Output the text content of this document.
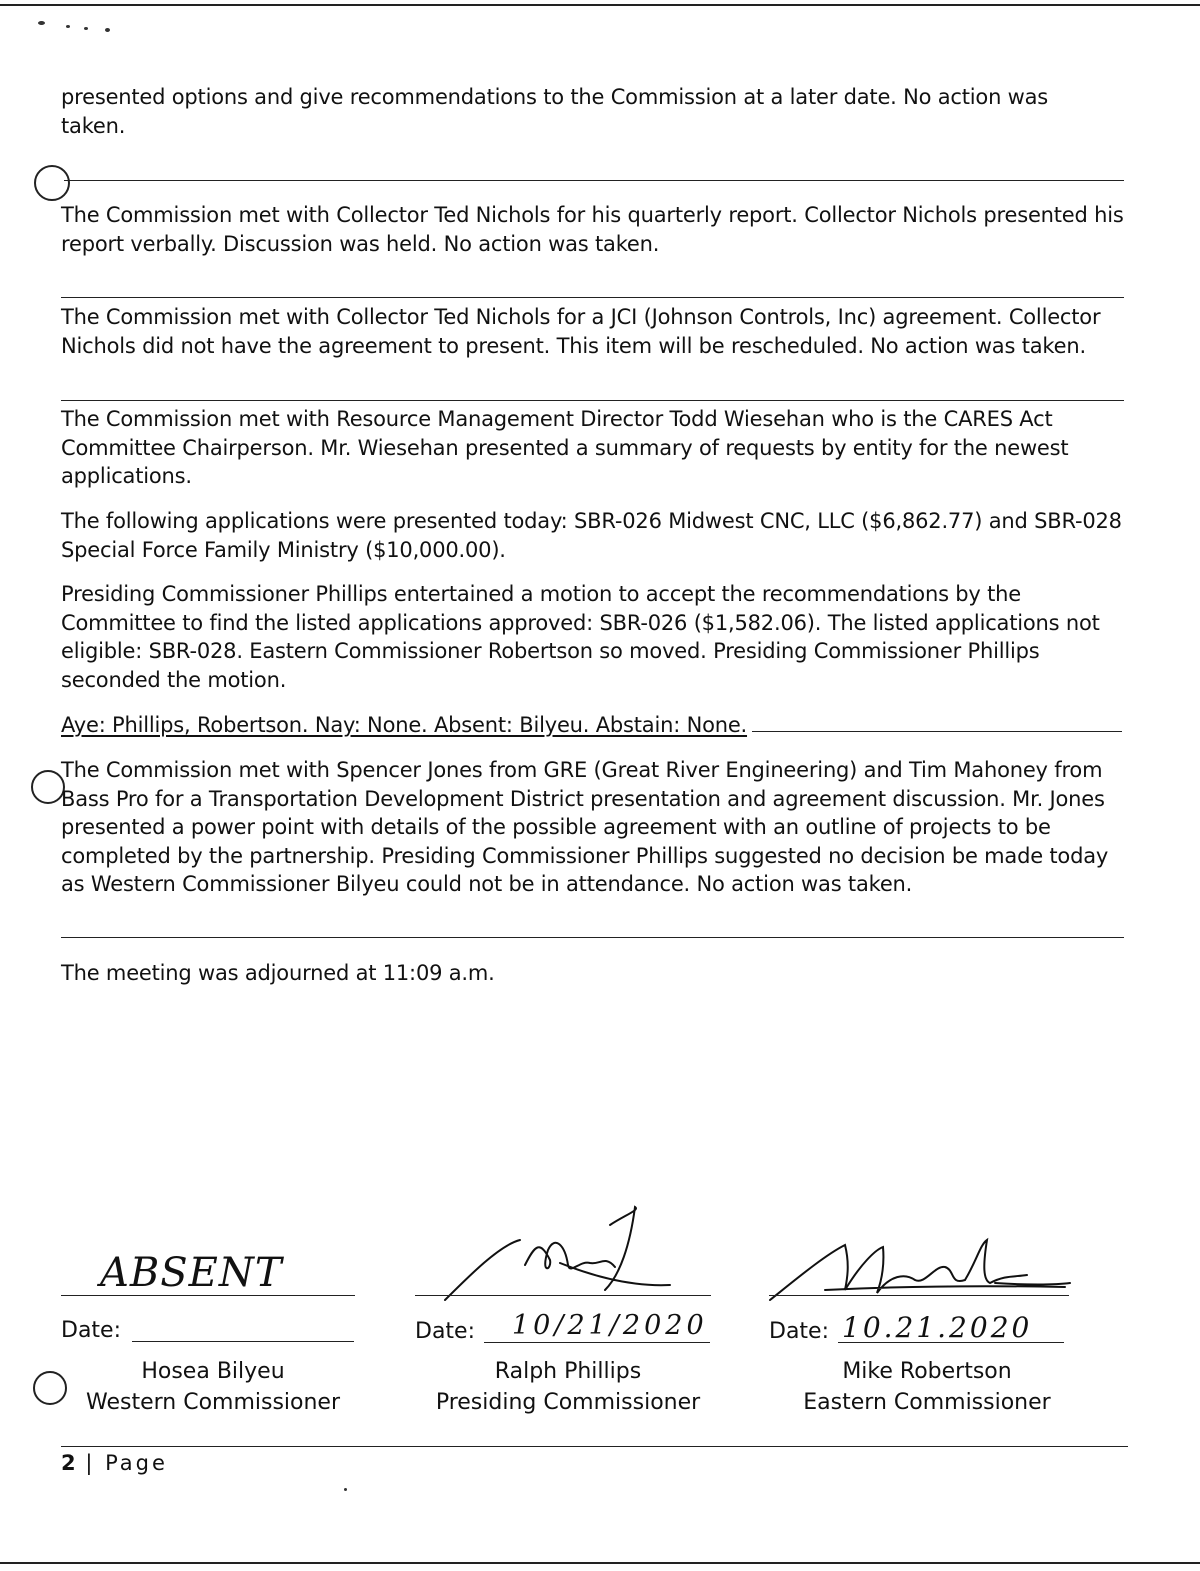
presented options and give recommendations to the Commission at a later date. No action was taken.

The Commission met with Collector Ted Nichols for his quarterly report. Collector Nichols presented his report verbally. Discussion was held. No action was taken.

The Commission met with Collector Ted Nichols for a JCI (Johnson Controls, Inc) agreement. Collector Nichols did not have the agreement to present. This item will be rescheduled. No action was taken.

The Commission met with Resource Management Director Todd Wiesehan who is the CARES Act Committee Chairperson. Mr. Wiesehan presented a summary of requests by entity for the newest applications.

The following applications were presented today: SBR-026 Midwest CNC, LLC ($6,862.77) and SBR-028 Special Force Family Ministry ($10,000.00).

Presiding Commissioner Phillips entertained a motion to accept the recommendations by the Committee to find the listed applications approved: SBR-026 ($1,582.06). The listed applications not eligible: SBR-028. Eastern Commissioner Robertson so moved. Presiding Commissioner Phillips seconded the motion.

Aye: Phillips, Robertson. Nay: None. Absent: Bilyeu. Abstain: None.

The Commission met with Spencer Jones from GRE (Great River Engineering) and Tim Mahoney from Bass Pro for a Transportation Development District presentation and agreement discussion. Mr. Jones presented a power point with details of the possible agreement with an outline of projects to be completed by the partnership. Presiding Commissioner Phillips suggested no decision be made today as Western Commissioner Bilyeu could not be in attendance. No action was taken.

The meeting was adjourned at 11:09 a.m.

ABSENT
Date:
Hosea Bilyeu
Western Commissioner
Date: 10/21/2020
Ralph Phillips
Presiding Commissioner
Date: 10.21.2020
Mike Robertson
Eastern Commissioner
2 | Page
